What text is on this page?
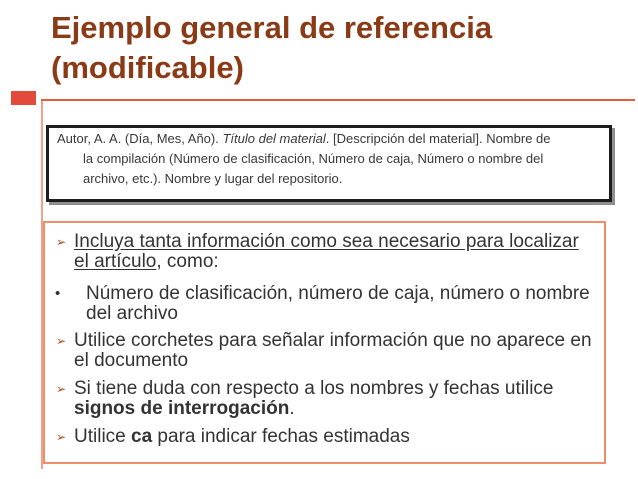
Ejemplo general de referencia
(modificable)
Autor, A. A. (Día, Mes, Año). Título del material. [Descripción del material]. Nombre de
la compilación (Número de clasificación, Número de caja, Número o nombre del
archivo, etc.). Nombre y lugar del repositorio.
➢ Incluya tanta información como sea necesario para localizar el artículo, como:
• Número de clasificación, número de caja, número o nombre del archivo
➢ Utilice corchetes para señalar información que no aparece en el documento
➢ Si tiene duda con respecto a los nombres y fechas utilice signos de interrogación.
➢ Utilice ca para indicar fechas estimadas
